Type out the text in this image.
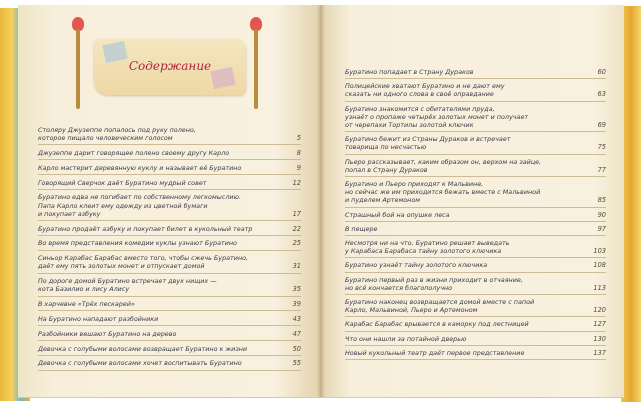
Содержание
Столяру Джузеппе попалось под руку полено,
которое пищало человеческим голосом	5
Джузеппе дарит говорящее полено своему другу Карло	8
Карло мастерит деревянную куклу и называет её Буратино	9
Говорящий Сверчок даёт Буратино мудрый совет	12
Буратино едва не погибает по собственному легкомыслию.
Папа Карло клеит ему одежду из цветной бумаги
и покупает азбуку	17
Буратино продаёт азбуку и покупает билет в кукольный театр	22
Во время представления комедии куклы узнают Буратино	25
Синьор Карабас Барабас вместо того, чтобы сжечь Буратино,
даёт ему пять золотых монет и отпускает домой	31
По дороге домой Буратино встречает двух нищих —
кота Базилио и лису Алису	35
В харчевне «Трёх пескарей»	39
На Буратино нападают разбойники	43
Разбойники вешают Буратино на дерево	47
Девочка с голубыми волосами возвращает Буратино к жизни	50
Девочка с голубыми волосами хочет воспитывать Буратино	55
Буратино попадает в Страну Дураков	60
Полицейские хватают Буратино и не дают ему
сказать ни одного слова в своё оправдание	63
Буратино знакомится с обитателями пруда,
узнаёт о пропаже четырёх золотых монет и получает
от черепахи Тортилы золотой ключик	69
Буратино бежит из Страны Дураков и встречает
товарища по несчастью	75
Пьеро рассказывает, каким образом он, верхом на зайце,
попал в Страну Дураков	77
Буратино и Пьеро приходят к Мальвине,
но сейчас же им приходится бежать вместе с Мальвиной
и пуделем Артемоном	85
Страшный бой на опушке леса	90
В пещере	97
Несмотря ни на что, Буратино решает выведать
у Карабаса Барабаса тайну золотого ключика	103
Буратино узнаёт тайну золотого ключика	108
Буратино первый раз в жизни приходит в отчаяние,
но всё кончается благополучно	113
Буратино наконец возвращается домой вместе с папой
Карло, Мальвиной, Пьеро и Артемоном	120
Карабас Барабас врывается в каморку под лестницей	127
Что они нашли за потайной дверью	130
Новый кукольный театр даёт первое представление	137
